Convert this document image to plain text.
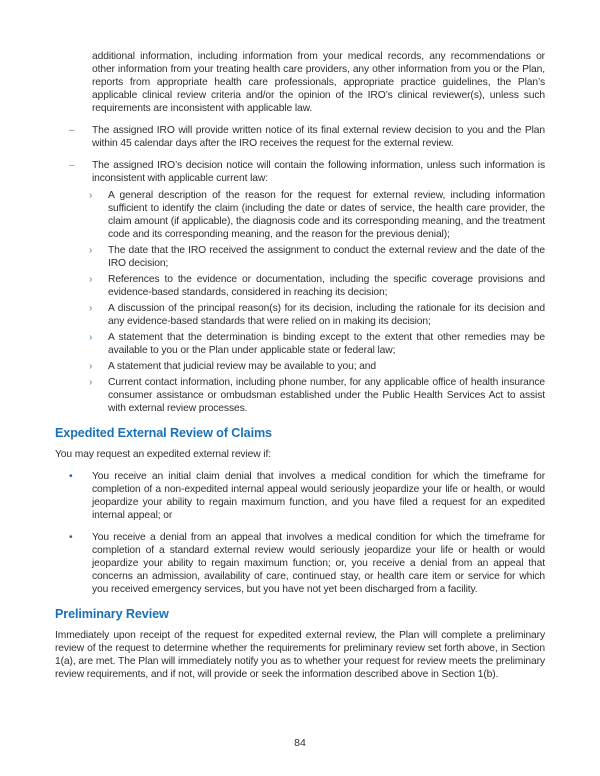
additional information, including information from your medical records, any recommendations or other information from your treating health care providers, any other information from you or the Plan, reports from appropriate health care professionals, appropriate practice guidelines, the Plan’s applicable clinical review criteria and/or the opinion of the IRO’s clinical reviewer(s), unless such requirements are inconsistent with applicable law.

– The assigned IRO will provide written notice of its final external review decision to you and the Plan within 45 calendar days after the IRO receives the request for the external review.
– The assigned IRO’s decision notice will contain the following information, unless such information is inconsistent with applicable current law:
› A general description of the reason for the request for external review, including information sufficient to identify the claim (including the date or dates of service, the health care provider, the claim amount (if applicable), the diagnosis code and its corresponding meaning, and the treatment code and its corresponding meaning, and the reason for the previous denial);
› The date that the IRO received the assignment to conduct the external review and the date of the IRO decision;
› References to the evidence or documentation, including the specific coverage provisions and evidence-based standards, considered in reaching its decision;
› A discussion of the principal reason(s) for its decision, including the rationale for its decision and any evidence-based standards that were relied on in making its decision;
› A statement that the determination is binding except to the extent that other remedies may be available to you or the Plan under applicable state or federal law;
› A statement that judicial review may be available to you; and
› Current contact information, including phone number, for any applicable office of health insurance consumer assistance or ombudsman established under the Public Health Services Act to assist with external review processes.
Expedited External Review of Claims

You may request an expedited external review if:

• You receive an initial claim denial that involves a medical condition for which the timeframe for completion of a non-expedited internal appeal would seriously jeopardize your life or health, or would jeopardize your ability to regain maximum function, and you have filed a request for an expedited internal appeal; or
• You receive a denial from an appeal that involves a medical condition for which the timeframe for completion of a standard external review would seriously jeopardize your life or health or would jeopardize your ability to regain maximum function; or, you receive a denial from an appeal that concerns an admission, availability of care, continued stay, or health care item or service for which you received emergency services, but you have not yet been discharged from a facility.
Preliminary Review

Immediately upon receipt of the request for expedited external review, the Plan will complete a preliminary review of the request to determine whether the requirements for preliminary review set forth above, in Section 1(a), are met. The Plan will immediately notify you as to whether your request for review meets the preliminary review requirements, and if not, will provide or seek the information described above in Section 1(b).

84
